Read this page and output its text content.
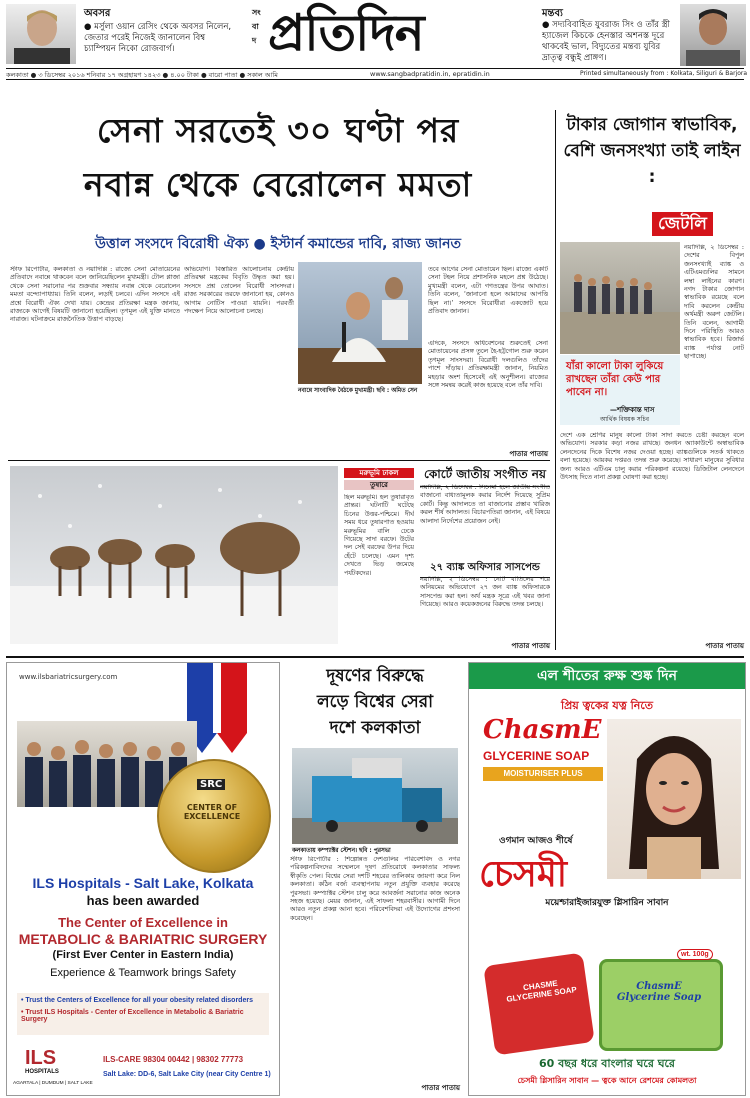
অবসর
● মর্সুলা ওয়ান রেসিং থেকে অবসর নিলেন, জেতার পরেই নিজেই জানালেন বিশ্ব চ্যাম্পিয়ন নিকো রোজবার্গ।
সং বা দ প্রতিদিন	মন্তব্য
● সদ্যবিবাহিত যুবরাজ সিং ও তাঁর স্ত্রী হ্যাজেল কিচকে হেনস্তার অশনস্ত দূরে থাকবেই ভাল, বিদ্যুতের মন্তব্য যুবির দ্রাতৃত্ব বন্ধুই প্রাঙ্গণ।
কলকাতা ● ৩ ডিসেম্বর ২০১৬ শনিবার ১৭ অগ্রহায়ণ ১৪২৩ ● ৪.০০ টাকা ● বারো পাতা ● সকাল আমি	www.sangbadpratidin.in, epratidin.in	Printed simultaneously from : Kolkata, Siliguri & Barjora
সেনা সরতেই ৩০ ঘণ্টা পর
নবান্ন থেকে বেরোলেন মমতা
উত্তাল সংসদে বিরোধী ঐক্য ● ইস্টার্ন কমান্ডের দাবি, রাজ্য জানত
স্টাফ রিপোর্টার, কলকাতা ও নয়াদিল্লি : রাজ্যে সেনা মোতায়েনের প্রতিবাদে নবান্নে থাকবেন বলে জানিয়েছিলেন মুখ্যমন্ত্রী। টোল প্লাজা থেকে সেনা সরানোর পর শুক্রবার সন্ধ্যায় নবান্ন থেকে বেরোলেন মমতা বন্দ্যোপাধ্যায়। তিনি বলেন, লড়াই চলবে। এদিন সংসদে এই প্রশ্নে বিরোধী ঐক্য দেখা যায়। কেন্দ্রের প্রতিরক্ষা মন্ত্রক জানায়, রাজ্যকে আগেই বিষয়টি জানানো হয়েছিল। তৃণমূল এই যুক্তি মানতে নারাজ। ঘটনাক্রমে রাজনৈতিক উত্তাপ বাড়ছে।
অভিযোগ। বিস্তারিত আলোচনায় কেন্দ্রীয় প্রতিরক্ষা মন্ত্রকের বিবৃতি উদ্ধৃত করা হয়। সংসদে প্রশ্ন তোলেন বিরোধী সাংসদরা। রাজ্য সরকারের তরফে জানানো হয়, কোনও আগাম নোটিস পাওয়া যায়নি। পরবর্তী পদক্ষেপ নিয়ে আলোচনা চলছে।
নবান্নে সাংবাদিক বৈঠকে মুখ্যমন্ত্রী। ছবি : অমিত সেন
তবে আগের সেনা মোতায়েন ছিল। রাজ্যে একটি সেনা টহল নিয়ে প্রশাসনিক মহলে প্রশ্ন উঠেছে। মুখ্যমন্ত্রী বলেন, এটা গণতন্ত্রের উপর আঘাত। তিনি বলেন, ‘জানানো হলে আমাদের আপত্তি ছিল না।’ সংসদে বিরোধীরা একজোট হয়ে প্রতিবাদ জানান।
এদিকে, সংসদে অধিবেশনের শুরুতেই সেনা মোতায়েনের প্রসঙ্গ তুলে হৈ-হট্টগোল শুরু করেন তৃণমূল সাংসদরা। বিরোধী দলগুলিও তাঁদের পাশে দাঁড়ায়। প্রতিরক্ষামন্ত্রী জানান, নিয়মিত মহড়ার অংশ হিসেবেই এই অনুশীলন। রাজ্যের সঙ্গে সমন্বয় করেই কাজ হয়েছে বলে তাঁর দাবি।
পাতার পাতায়
টাকার জোগান স্বাভাবিক, বেশি জনসংখ্যা তাই লাইন :
জেটলি
যাঁরা কালো টাকা লুকিয়ে রাখছেন তাঁরা কেউ পার পাবেন না।
—শক্তিকান্ত দাস
আর্থিক বিষয়ক সচিব
নয়াদিল্লি, ২ ডিসেম্বর : দেশের বিপুল জনসংখ্যাই ব্যাঙ্ক ও এটিএমগুলির সামনে লম্বা লাইনের কারণ। নগদ টাকার জোগান স্বাভাবিক রয়েছে বলে দাবি করলেন কেন্দ্রীয় অর্থমন্ত্রী অরুণ জেটলি। তিনি বলেন, আগামী দিনে পরিস্থিতি আরও স্বাভাবিক হবে। রিজার্ভ ব্যাঙ্ক পর্যাপ্ত নোট ছাপাচ্ছে।
দেশে এক শ্রেণির মানুষ কালো টাকা সাদা করতে চেষ্টা করছেন বলে অভিযোগ। সরকার কড়া নজর রাখছে। জনধন অ্যাকাউন্টে অস্বাভাবিক লেনদেনের দিকে বিশেষ নজর দেওয়া হচ্ছে। ব্যাঙ্কগুলিকে সতর্ক থাকতে বলা হয়েছে। আয়কর দপ্তরও তদন্ত শুরু করেছে। সাধারণ মানুষের সুবিধার জন্য আরও এটিএম চালু করার পরিকল্পনা রয়েছে। ডিজিটাল লেনদেনে উৎসাহ দিতে নানা প্রকল্প ঘোষণা করা হচ্ছে।
পাতার পাতায়
মরুভূমি ঢাকল
তুষারে
ছিল মরুভূমি। হল তুষারাবৃত প্রান্তর। ঘটনাটি ঘটেছে চিনের উত্তর-পশ্চিমে। দীর্ঘ সময় ধরে তুষারপাত হওয়ায় মরুভূমির বালি ঢেকে গিয়েছে সাদা বরফে। উটের দল সেই বরফের উপর দিয়ে হেঁটে চলেছে। এমন দৃশ্য দেখতে ভিড় জমেছে পর্যটকদের।
কোর্টে জাতীয় সংগীত নয়
নয়াদিল্লি, ২ ডিসেম্বর : সিনেমা হলে জাতীয় সংগীত বাজানো বাধ্যতামূলক করার নির্দেশ দিয়েছে সুপ্রিম কোর্ট। কিন্তু আদালতে তা বাজানোর প্রস্তাব খারিজ করল শীর্ষ আদালত। বিচারপতিরা জানান, এই বিষয়ে আলাদা নির্দেশের প্রয়োজন নেই।
২৭ ব্যাঙ্ক অফিসার সাসপেন্ড
নয়াদিল্লি, ২ ডিসেম্বর : নোট বাতিলের পরে অনিয়মের অভিযোগে ২৭ জন ব্যাঙ্ক অফিসারকে সাসপেন্ড করা হল। অর্থ মন্ত্রক সূত্রে এই খবর জানা গিয়েছে। আরও কয়েকজনের বিরুদ্ধে তদন্ত চলছে।
পাতার পাতায়
www.ilsbariatricsurgery.com
SRC
CENTER OF EXCELLENCE
ILS Hospitals - Salt Lake, Kolkata
has been awarded
The Center of Excellence in
METABOLIC & BARIATRIC SURGERY
(First Ever Center in Eastern India)
Experience & Teamwork brings Safety
• Trust the Centers of Excellence for all your obesity related disorders
• Trust ILS Hospitals - Center of Excellence in Metabolic & Bariatric Surgery
ILS
HOSPITALS
AGARTALA | DUMDUM | SALT LAKE
ILS-CARE 98304 00442 | 98302 77773
Salt Lake: DD-6, Salt Lake City (near City Centre 1)
দূষণের বিরুদ্ধে
লড়ে বিশ্বের সেরা
দশে কলকাতা
কলকাতায় কম্প্যাক্টর স্টেশন। ছবি : পুরসভা
স্টাফ রিপোর্টার : শিল্পোন্নত দেশগুলির পরিবেশবিদ ও নগর পরিকল্পনাবিদদের সম্মেলনে দূষণ প্রতিরোধে কলকাতার সাফল্য স্বীকৃতি পেল। বিশ্বের সেরা দশটি শহরের তালিকায় জায়গা করে নিল কলকাতা। কঠিন বর্জ্য ব্যবস্থাপনায় নতুন প্রযুক্তি ব্যবহার করেছে পুরসভা। কম্প্যাক্টর স্টেশন চালু করে আবর্জনা সরানোর কাজ অনেক সহজ হয়েছে। মেয়র জানান, এই সাফল্য শহরবাসীর। আগামী দিনে আরও নতুন প্রকল্প আনা হবে। পরিবেশবিদরা এই উদ্যোগের প্রশংসা করেছেন।
পাতার পাতায়
এল শীতের রুক্ষ শুষ্ক দিন
প্রিয় ত্বকের যত্ন নিতে
ChasmE
GLYCERINE SOAP
MOISTURISER PLUS
ওগমান আজও শীর্ষে
চেসমী
ময়েশ্চারাইজারযুক্ত গ্লিসারিন সাবান
CHASME GLYCERINE SOAP	ChasmE Glycerine Soap
wt. 100g
60 বছর ধরে বাংলার ঘরে ঘরে
চেসমী গ্লিসারিন সাবান — ত্বকে আনে রেশমের কোমলতা
